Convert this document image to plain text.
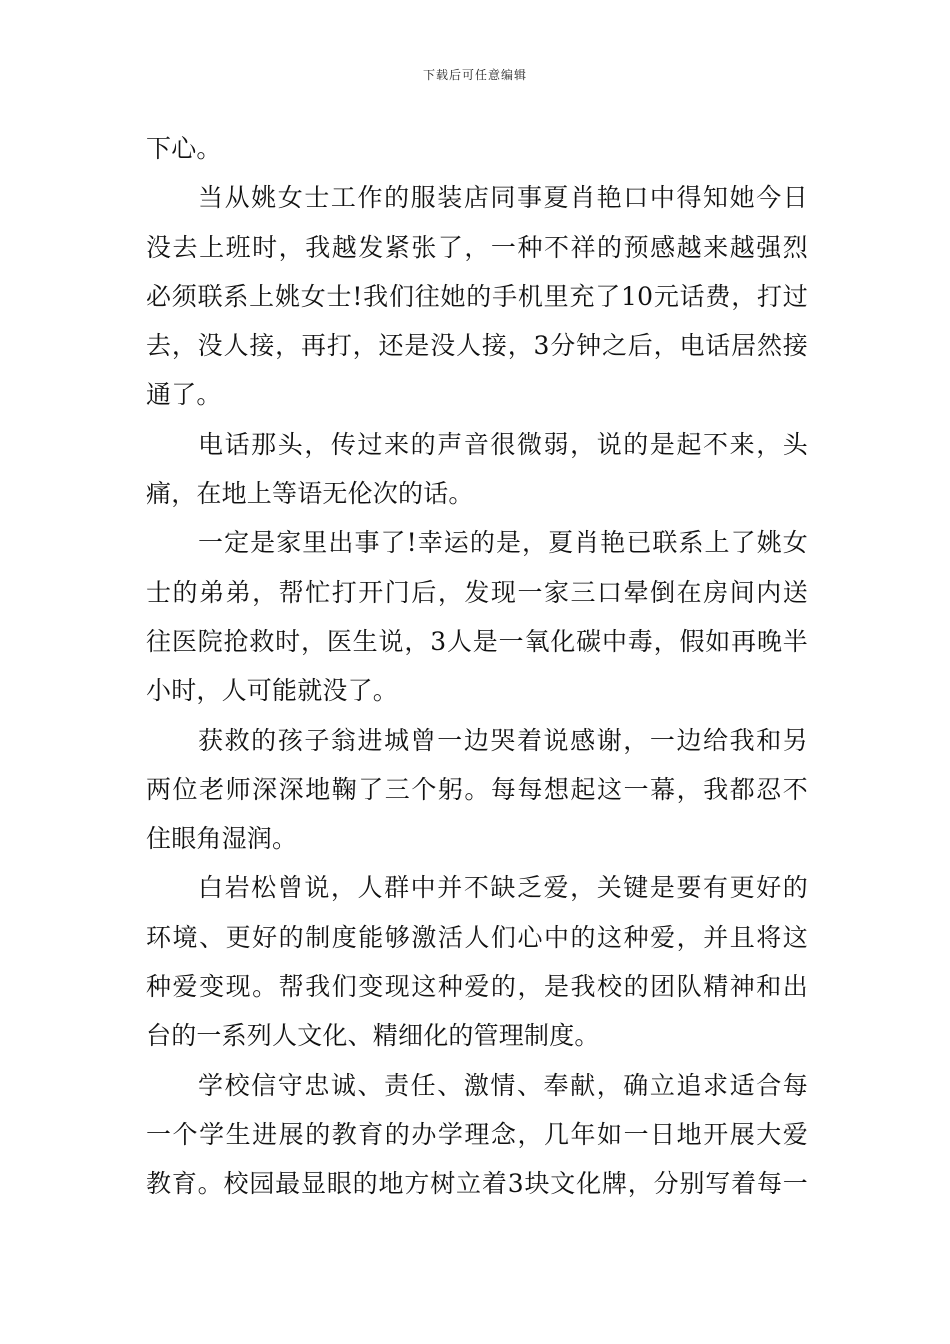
下载后可任意编辑
下心。
当从姚女士工作的服装店同事夏肖艳口中得知她今日
没去上班时，我越发紧张了，一种不祥的预感越来越强烈
必须联系上姚女士!我们往她的手机里充了10元话费，打过
去，没人接，再打，还是没人接，3分钟之后，电话居然接
通了。
电话那头，传过来的声音很微弱，说的是起不来，头
痛，在地上等语无伦次的话。
一定是家里出事了!幸运的是，夏肖艳已联系上了姚女
士的弟弟，帮忙打开门后，发现一家三口晕倒在房间内送
往医院抢救时，医生说，3人是一氧化碳中毒，假如再晚半
小时，人可能就没了。
获救的孩子翁进城曾一边哭着说感谢，一边给我和另
两位老师深深地鞠了三个躬。每每想起这一幕，我都忍不
住眼角湿润。
白岩松曾说，人群中并不缺乏爱，关键是要有更好的
环境、更好的制度能够激活人们心中的这种爱，并且将这
种爱变现。帮我们变现这种爱的，是我校的团队精神和出
台的一系列人文化、精细化的管理制度。
学校信守忠诚、责任、激情、奉献，确立追求适合每
一个学生进展的教育的办学理念，几年如一日地开展大爱
教育。校园最显眼的地方树立着3块文化牌，分别写着每一
